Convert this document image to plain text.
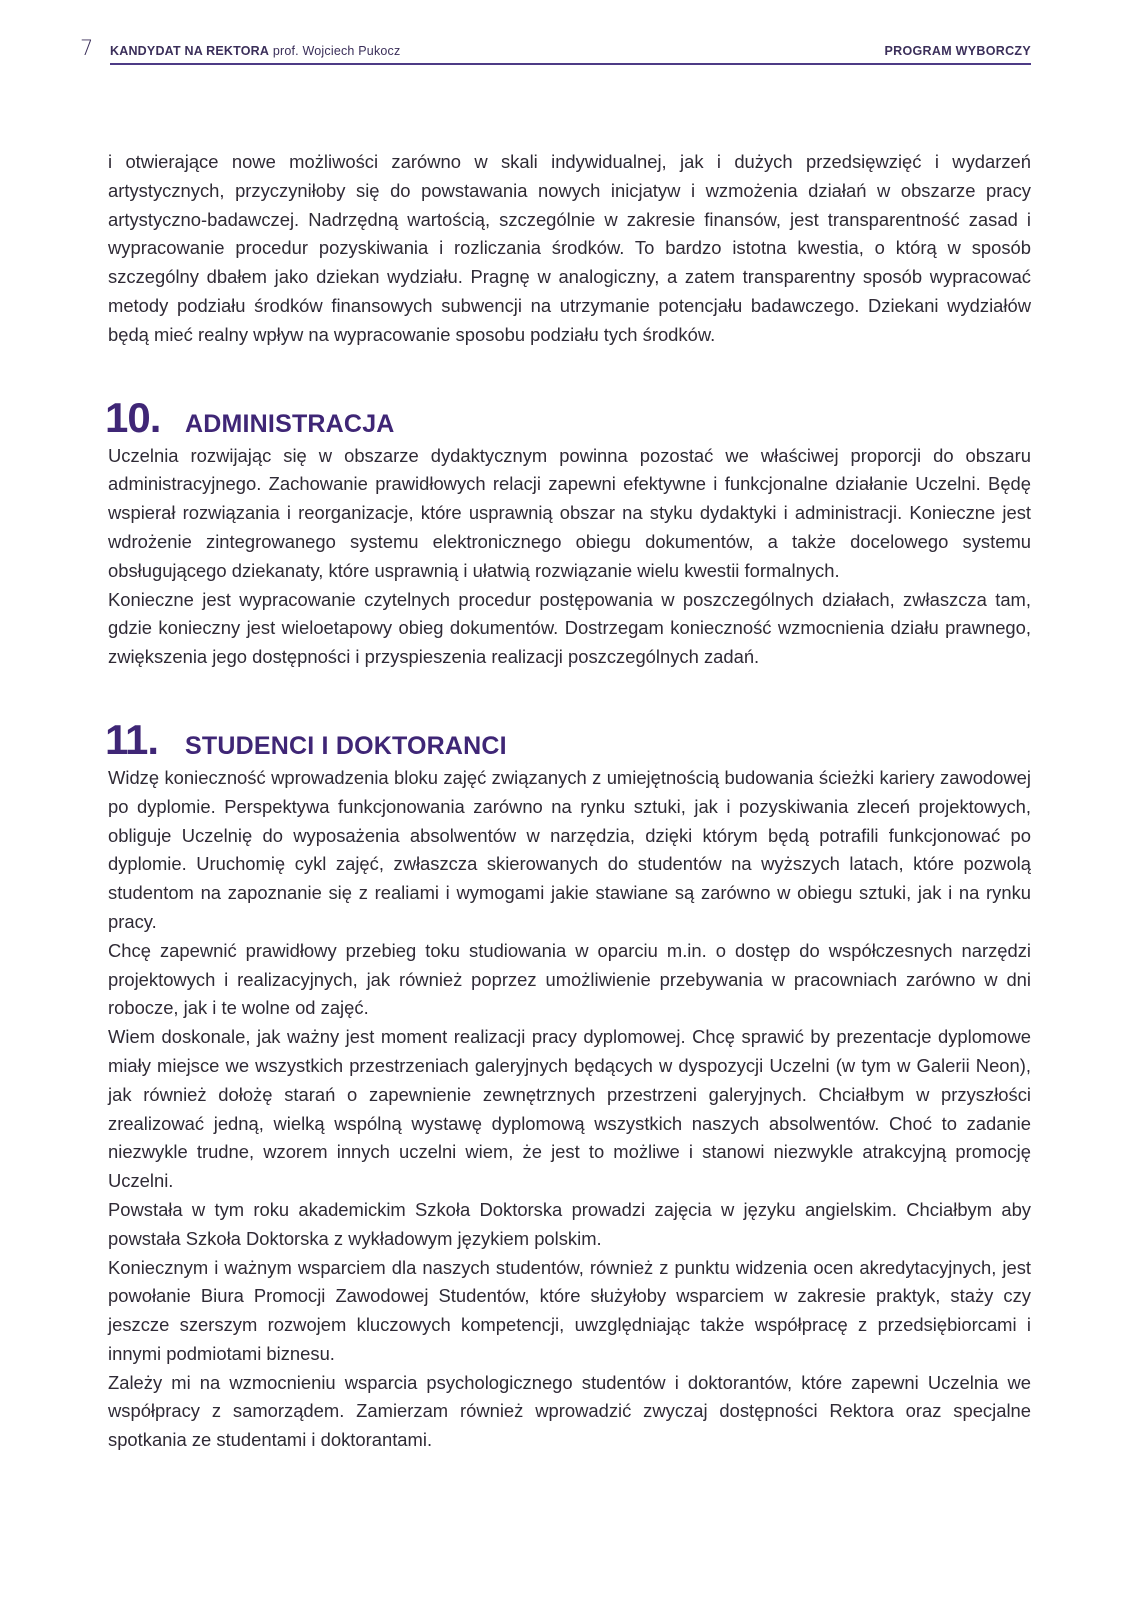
7 KANDYDAT NA REKTORA prof. Wojciech Pukocz	PROGRAM WYBORCZY

i otwierające nowe możliwości zarówno w skali indywidualnej, jak i dużych przedsięwzięć i wydarzeń artystycznych, przyczyniłoby się do powstawania nowych inicjatyw i wzmożenia działań w obszarze pracy artystyczno-badawczej. Nadrzędną wartością, szczególnie w zakresie finansów, jest transparentność zasad i wypracowanie procedur pozyskiwania i rozliczania środków. To bardzo istotna kwestia, o którą w sposób szczególny dbałem jako dziekan wydziału. Pragnę w analogiczny, a zatem transparentny sposób wypracować metody podziału środków finansowych subwencji na utrzymanie potencjału badawczego. Dziekani wydziałów będą mieć realny wpływ na wypracowanie sposobu podziału tych środków.

10. ADMINISTRACJA

Uczelnia rozwijając się w obszarze dydaktycznym powinna pozostać we właściwej proporcji do obszaru administracyjnego. Zachowanie prawidłowych relacji zapewni efektywne i funkcjonalne działanie Uczelni. Będę wspierał rozwiązania i reorganizacje, które usprawnią obszar na styku dydaktyki i administracji. Konieczne jest wdrożenie zintegrowanego systemu elektronicznego obiegu dokumentów, a także docelowego systemu obsługującego dziekanaty, które usprawnią i ułatwią rozwiązanie wielu kwestii formalnych.

Konieczne jest wypracowanie czytelnych procedur postępowania w poszczególnych działach, zwłaszcza tam, gdzie konieczny jest wieloetapowy obieg dokumentów. Dostrzegam konieczność wzmocnienia działu prawnego, zwiększenia jego dostępności i przyspieszenia realizacji poszczególnych zadań.

11.	STUDENCI I DOKTORANCI

Widzę konieczność wprowadzenia bloku zajęć związanych z umiejętnością budowania ścieżki kariery zawodowej po dyplomie. Perspektywa funkcjonowania zarówno na rynku sztuki, jak i pozyskiwania zleceń projektowych, obliguje Uczelnię do wyposażenia absolwentów w narzędzia, dzięki którym będą potrafili funkcjonować po dyplomie. Uruchomię cykl zajęć, zwłaszcza skierowanych do studentów na wyższych latach, które pozwolą studentom na zapoznanie się z realiami i wymogami jakie stawiane są zarówno w obiegu sztuki, jak i na rynku pracy.

Chcę zapewnić prawidłowy przebieg toku studiowania w oparciu m.in. o dostęp do współczesnych narzędzi projektowych i realizacyjnych, jak również poprzez umożliwienie przebywania w pracowniach zarówno w dni robocze, jak i te wolne od zajęć.

Wiem doskonale, jak ważny jest moment realizacji pracy dyplomowej. Chcę sprawić by prezentacje dyplomowe miały miejsce we wszystkich przestrzeniach galeryjnych będących w dyspozycji Uczelni (w tym w Galerii Neon), jak również dołożę starań o zapewnienie zewnętrznych przestrzeni galeryjnych. Chciałbym w przyszłości zrealizować jedną, wielką wspólną wystawę dyplomową wszystkich naszych absolwentów. Choć to zadanie niezwykle trudne, wzorem innych uczelni wiem, że jest to możliwe i stanowi niezwykle atrakcyjną promocję Uczelni.

Powstała w tym roku akademickim Szkoła Doktorska prowadzi zajęcia w języku angielskim. Chciałbym aby powstała Szkoła Doktorska z wykładowym językiem polskim.

Koniecznym i ważnym wsparciem dla naszych studentów, również z punktu widzenia ocen akredytacyjnych, jest powołanie Biura Promocji Zawodowej Studentów, które służyłoby wsparciem w zakresie praktyk, staży czy jeszcze szerszym rozwojem kluczowych kompetencji, uwzględniając także współpracę z przedsiębiorcami i innymi podmiotami biznesu.

Zależy mi na wzmocnieniu wsparcia psychologicznego studentów i doktorantów, które zapewni Uczelnia we współpracy z samorządem. Zamierzam również wprowadzić zwyczaj dostępności Rektora oraz specjalne spotkania ze studentami i doktorantami.
